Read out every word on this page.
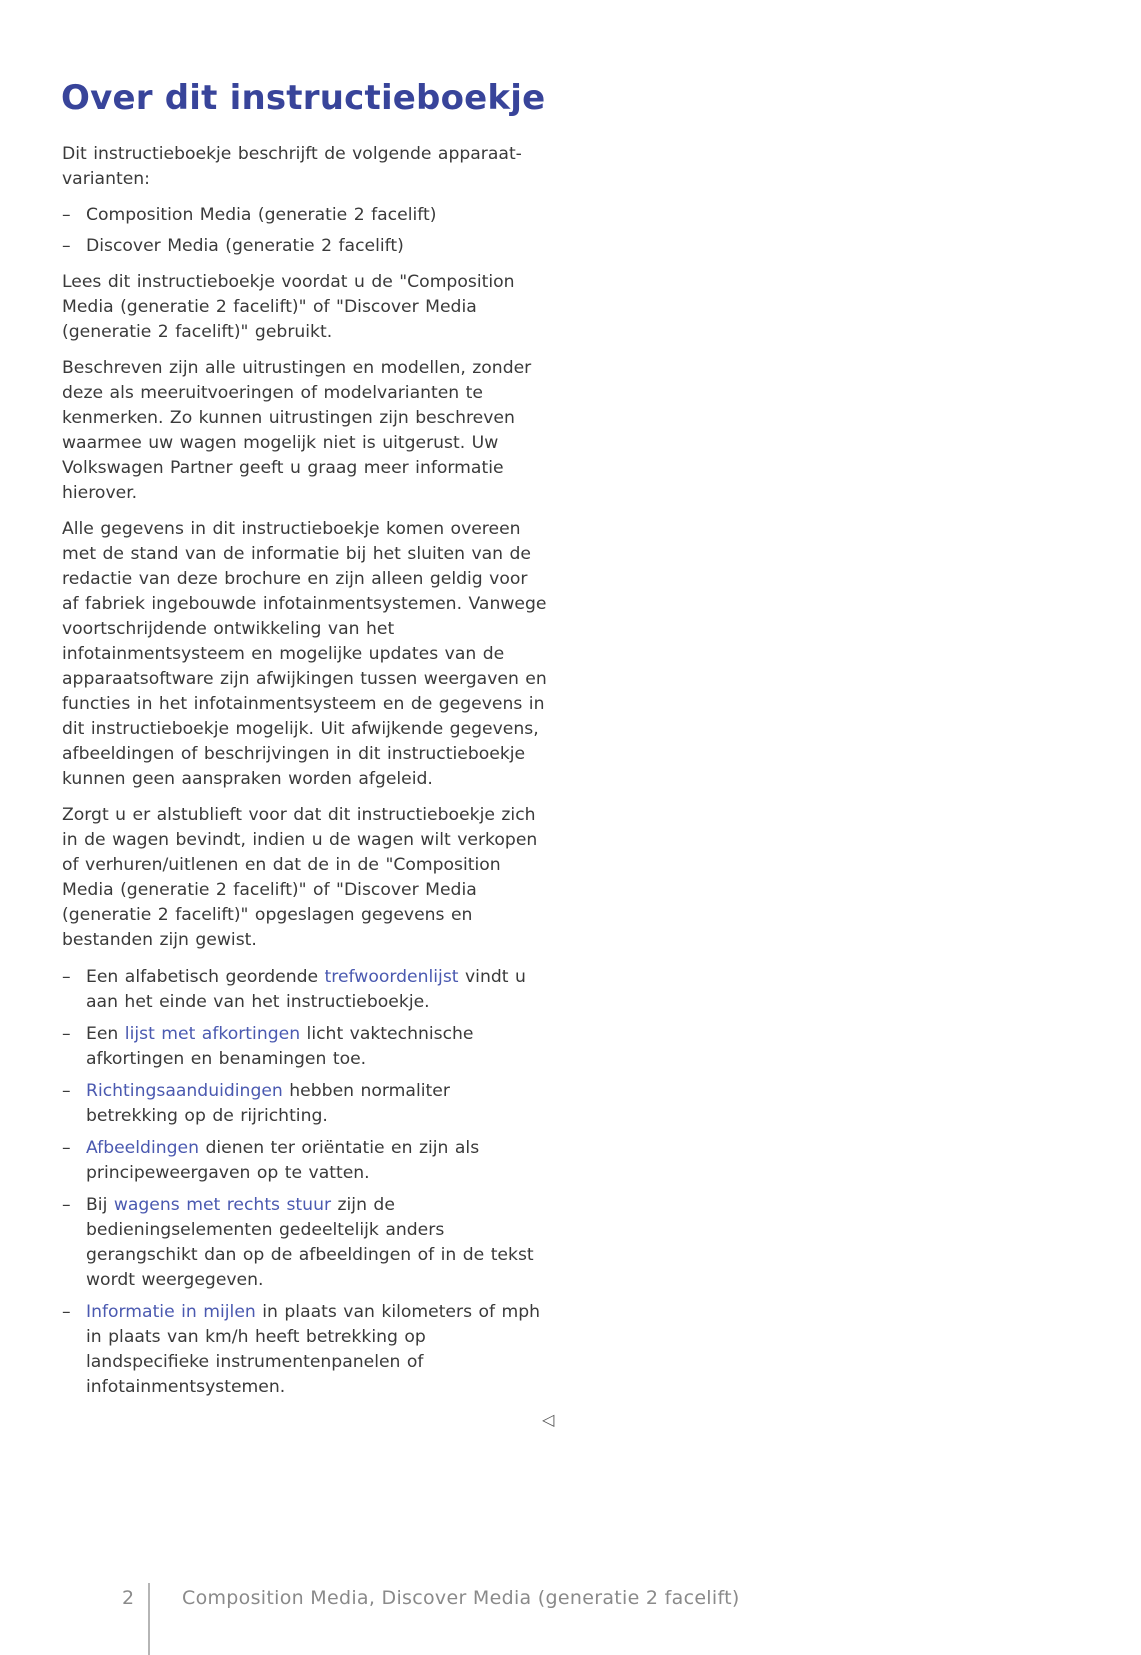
Over dit instructieboekje

Dit instructieboekje beschrijft de volgende apparaat-varianten:

– Composition Media (generatie 2 facelift)
– Discover Media (generatie 2 facelift)

Lees dit instructieboekje voordat u de "Composition Media (generatie 2 facelift)" of "Discover Media (generatie 2 facelift)" gebruikt.

Beschreven zijn alle uitrustingen en modellen, zonder deze als meeruitvoeringen of modelvarianten te kenmerken. Zo kunnen uitrustingen zijn beschreven waarmee uw wagen mogelijk niet is uitgerust. Uw Volkswagen Partner geeft u graag meer informatie hierover.

Alle gegevens in dit instructieboekje komen overeen met de stand van de informatie bij het sluiten van de redactie van deze brochure en zijn alleen geldig voor af fabriek ingebouwde infotainmentsystemen. Vanwege voortschrijdende ontwikkeling van het infotainmentsysteem en mogelijke updates van de apparaatsoftware zijn afwijkingen tussen weergaven en functies in het infotainmentsysteem en de gegevens in dit instructieboekje mogelijk. Uit afwijkende gegevens, afbeeldingen of beschrijvingen in dit instructieboekje kunnen geen aanspraken worden afgeleid.

Zorgt u er alstublieft voor dat dit instructieboekje zich in de wagen bevindt, indien u de wagen wilt verkopen of verhuren/uitlenen en dat de in de "Composition Media (generatie 2 facelift)" of "Discover Media (generatie 2 facelift)" opgeslagen gegevens en bestanden zijn gewist.

– Een alfabetisch geordende trefwoordenlijst vindt u aan het einde van het instructieboekje.
– Een lijst met afkortingen licht vaktechnische afkortingen en benamingen toe.
– Richtingsaanduidingen hebben normaliter betrekking op de rijrichting.
– Afbeeldingen dienen ter oriëntatie en zijn als principeweergaven op te vatten.
– Bij wagens met rechts stuur zijn de bedieningselementen gedeeltelijk anders gerangschikt dan op de afbeeldingen of in de tekst wordt weergegeven.
– Informatie in mijlen in plaats van kilometers of mph in plaats van km/h heeft betrekking op landspecifieke instrumentenpanelen of infotainmentsystemen.
◁
2	Composition Media, Discover Media (generatie 2 facelift)
